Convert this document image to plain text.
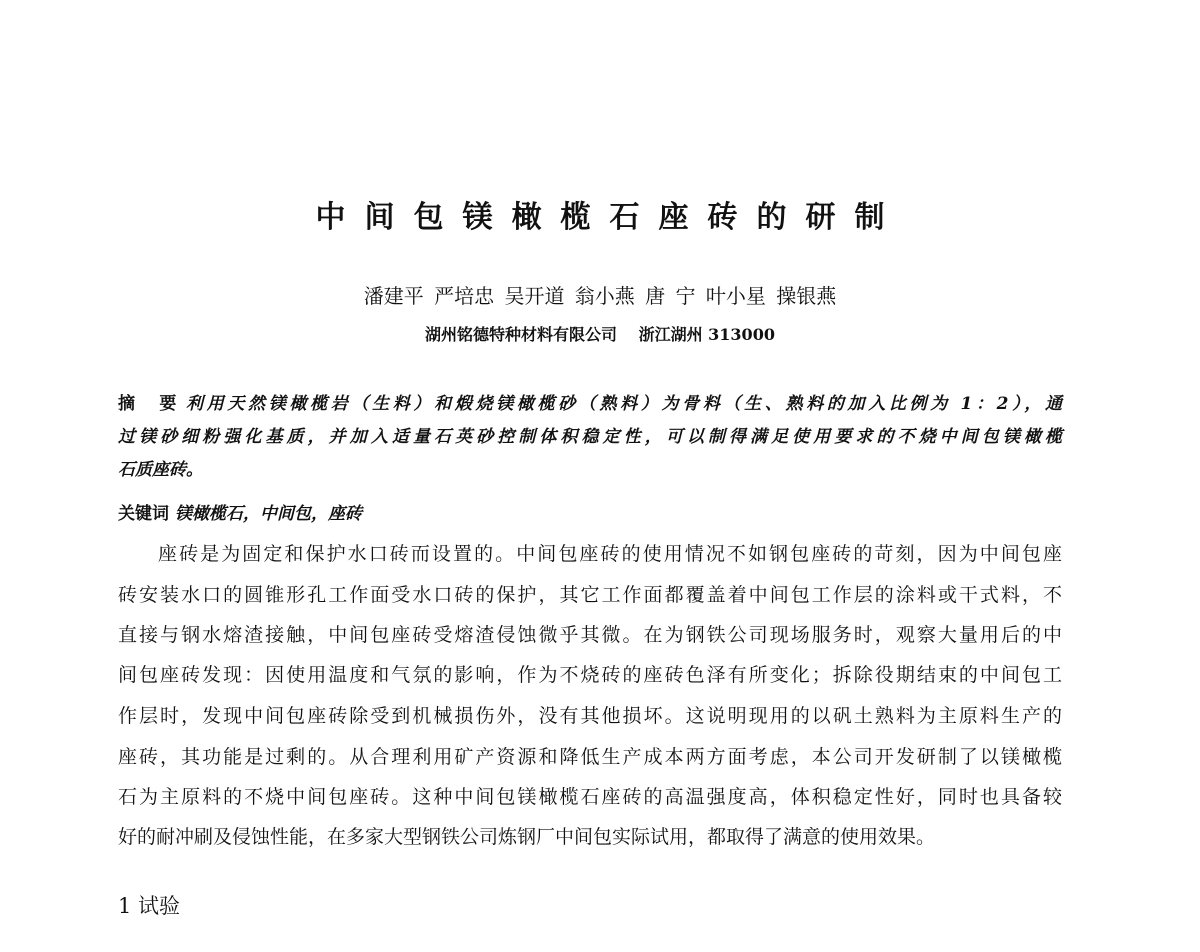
中间包镁橄榄石座砖的研制
潘建平 严培忠 吴开道 翁小燕 唐 宁 叶小星 操银燕
湖州铭德特种材料有限公司　 浙江湖州 313000
摘　要 利用天然镁橄榄岩（生料）和煅烧镁橄榄砂（熟料）为骨料（生、熟料的加入比例为 1：2），通
过镁砂细粉强化基质，并加入适量石英砂控制体积稳定性，可以制得满足使用要求的不烧中间包镁橄榄
石质座砖。
关键词 镁橄榄石，中间包，座砖
座砖是为固定和保护水口砖而设置的。中间包座砖的使用情况不如钢包座砖的苛刻，因为中间包座
砖安装水口的圆锥形孔工作面受水口砖的保护，其它工作面都覆盖着中间包工作层的涂料或干式料，不
直接与钢水熔渣接触，中间包座砖受熔渣侵蚀微乎其微。在为钢铁公司现场服务时，观察大量用后的中
间包座砖发现：因使用温度和气氛的影响，作为不烧砖的座砖色泽有所变化；拆除役期结束的中间包工
作层时，发现中间包座砖除受到机械损伤外，没有其他损坏。这说明现用的以矾土熟料为主原料生产的
座砖，其功能是过剩的。从合理利用矿产资源和降低生产成本两方面考虑，本公司开发研制了以镁橄榄
石为主原料的不烧中间包座砖。这种中间包镁橄榄石座砖的高温强度高，体积稳定性好，同时也具备较
好的耐冲刷及侵蚀性能，在多家大型钢铁公司炼钢厂中间包实际试用，都取得了满意的使用效果。
1 试验
